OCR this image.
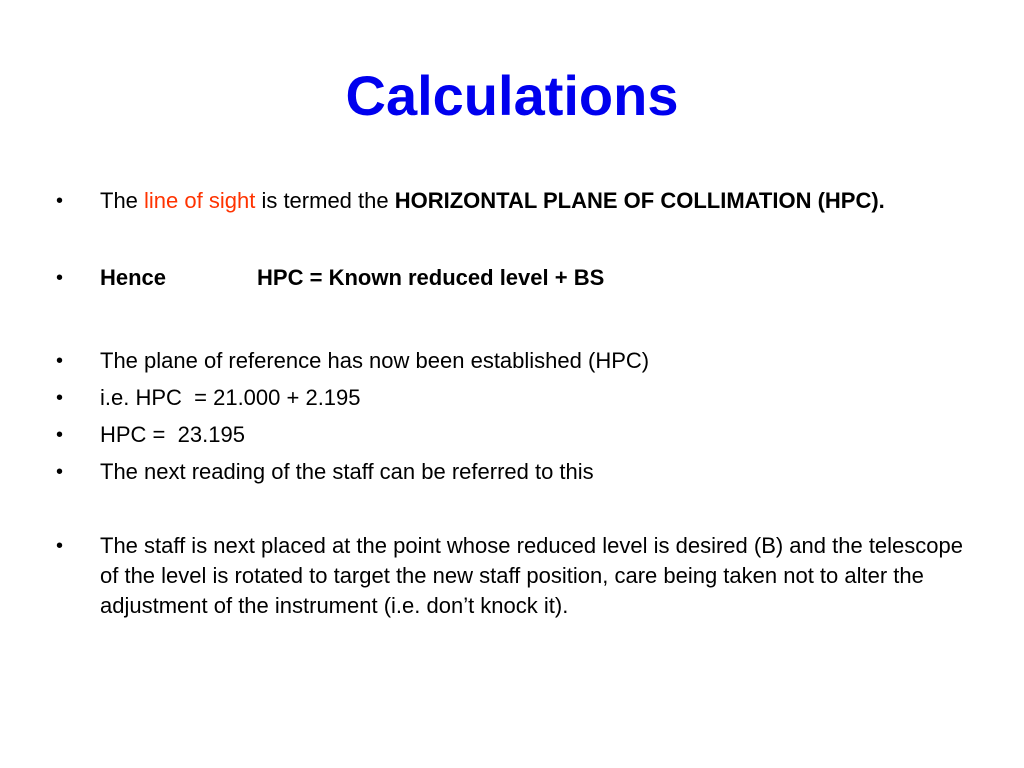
Calculations
•	The line of sight is termed the HORIZONTAL PLANE OF COLLIMATION (HPC).
•	Hence	HPC = Known reduced level + BS
•	The plane of reference has now been established (HPC)
•	i.e. HPC  = 21.000 + 2.195
•	HPC =  23.195
•	The next reading of the staff can be referred to this
•	The staff is next placed at the point whose reduced level is desired (B) and the telescope of the level is rotated to target the new staff position, care being taken not to alter the adjustment of the instrument (i.e. don’t knock it).
